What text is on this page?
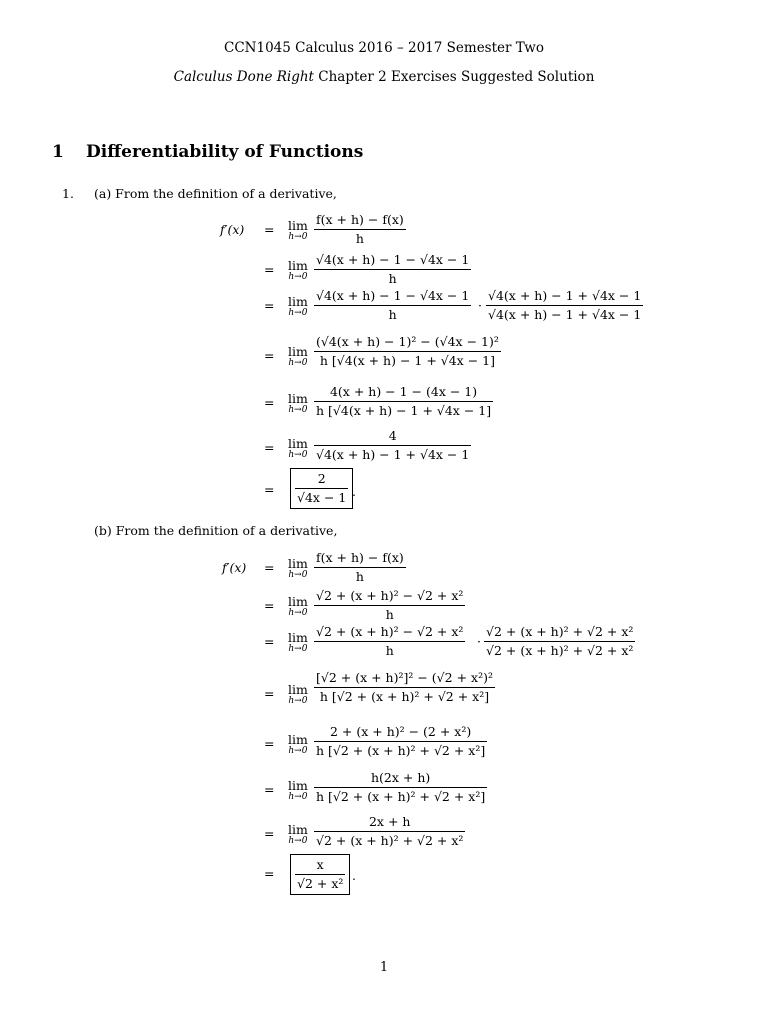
CCN1045 Calculus 2016 – 2017 Semester Two
Calculus Done Right Chapter 2 Exercises Suggested Solution
1 Differentiability of Functions
1. (a) From the definition of a derivative,
f′(x) = lim
h→0
f(x + h) − f(x)
h
= lim
h→0
√4(x + h) − 1 − √4x − 1
h
= lim
h→0
√4(x + h) − 1 − √4x − 1
h
·
√4(x + h) − 1 + √4x − 1
√4(x + h) − 1 + √4x − 1
= lim
h→0
(√4(x + h) − 1)² − (√4x − 1)²
h [√4(x + h) − 1 + √4x − 1]
= lim
h→0
4(x + h) − 1 − (4x − 1)
h [√4(x + h) − 1 + √4x − 1]
= lim
h→0
4
√4(x + h) − 1 + √4x − 1
=
2
√4x − 1 .
(b) From the definition of a derivative,
f′(x) = lim
h→0
f(x + h) − f(x)
h
= lim
h→0
√2 + (x + h)² − √2 + x²
h
= lim
h→0
√2 + (x + h)² − √2 + x²
h
·
√2 + (x + h)² + √2 + x²
√2 + (x + h)² + √2 + x²
= lim
h→0
[√2 + (x + h)²]² − (√2 + x²)²
h [√2 + (x + h)² + √2 + x²]
= lim
h→0
2 + (x + h)² − (2 + x²)
h [√2 + (x + h)² + √2 + x²]
= lim
h→0
h(2x + h)
h [√2 + (x + h)² + √2 + x²]
= lim
h→0
2x + h
√2 + (x + h)² + √2 + x²
=
x
√2 + x²
.
1
